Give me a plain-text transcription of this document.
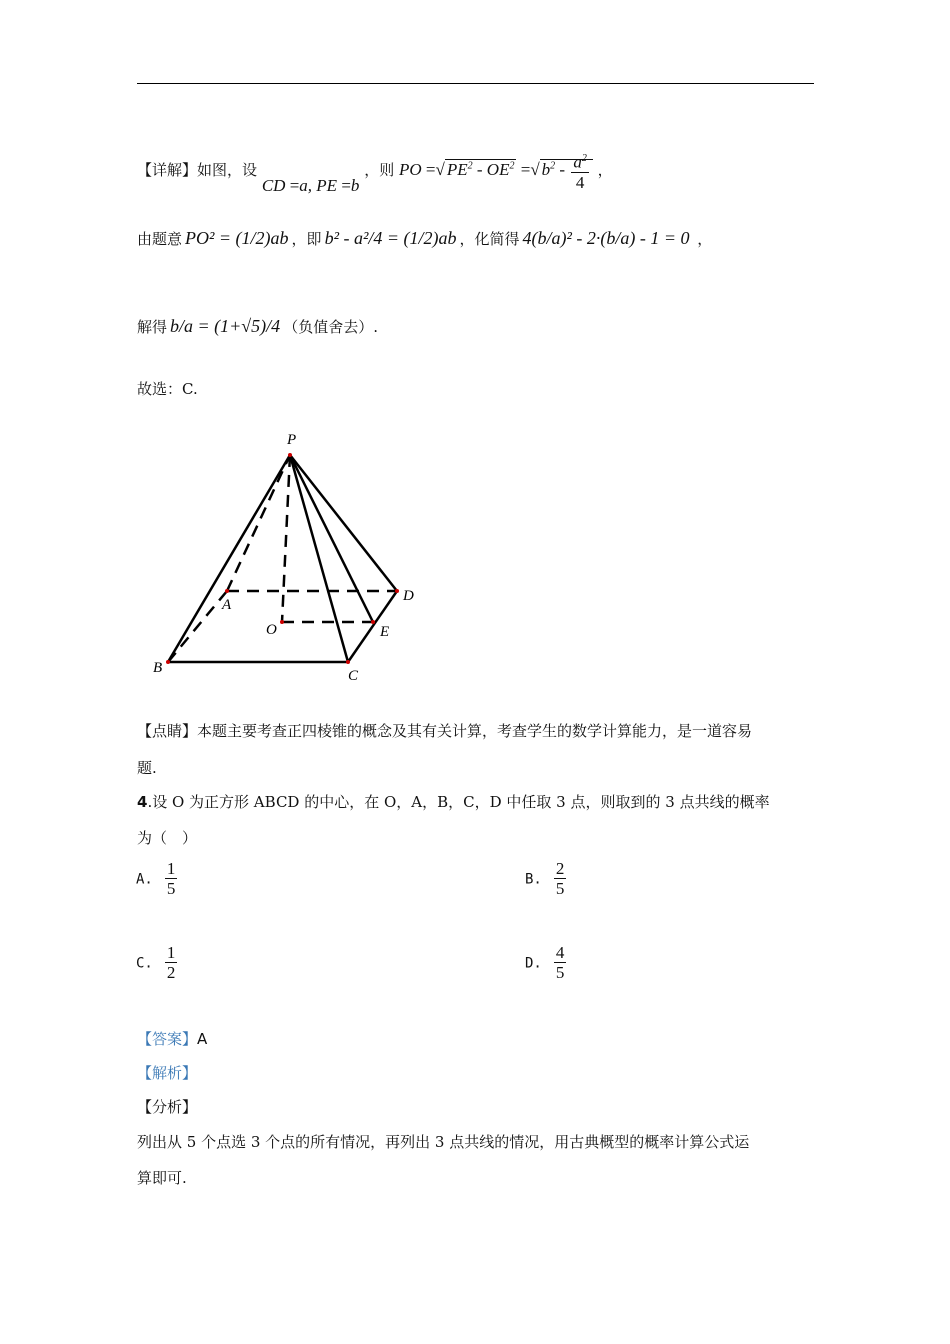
【详解】如图，设 CD =a, PE =b ，则 PO =√ $PE^2 - OE^2$ =√ $b^2 - \frac{a^2}{4}$ ，
由题意 PO² = (1/2)ab ，即 b² - a²/4 = (1/2)ab ，化简得 4(b/a)² - 2·(b/a) - 1 = 0 ，
解得 b/a = (1+√5)/4 （负值舍去）.
故选：C.
P
A
B	C
D
O	E
【点睛】本题主要考查正四棱锥的概念及其有关计算，考查学生的数学计算能力，是一道容易
题.
4.设 O 为正方形 ABCD 的中心，在 O，A，B，C，D 中任取 3 点，则取到的 3 点共线的概率
为（　）
A. $\frac{1}{5}$	B. $\frac{2}{5}$
C. $\frac{1}{2}$	D. $\frac{4}{5}$
【答案】A
【解析】
【分析】
列出从 5 个点选 3 个点的所有情况，再列出 3 点共线的情况，用古典概型的概率计算公式运
算即可.
